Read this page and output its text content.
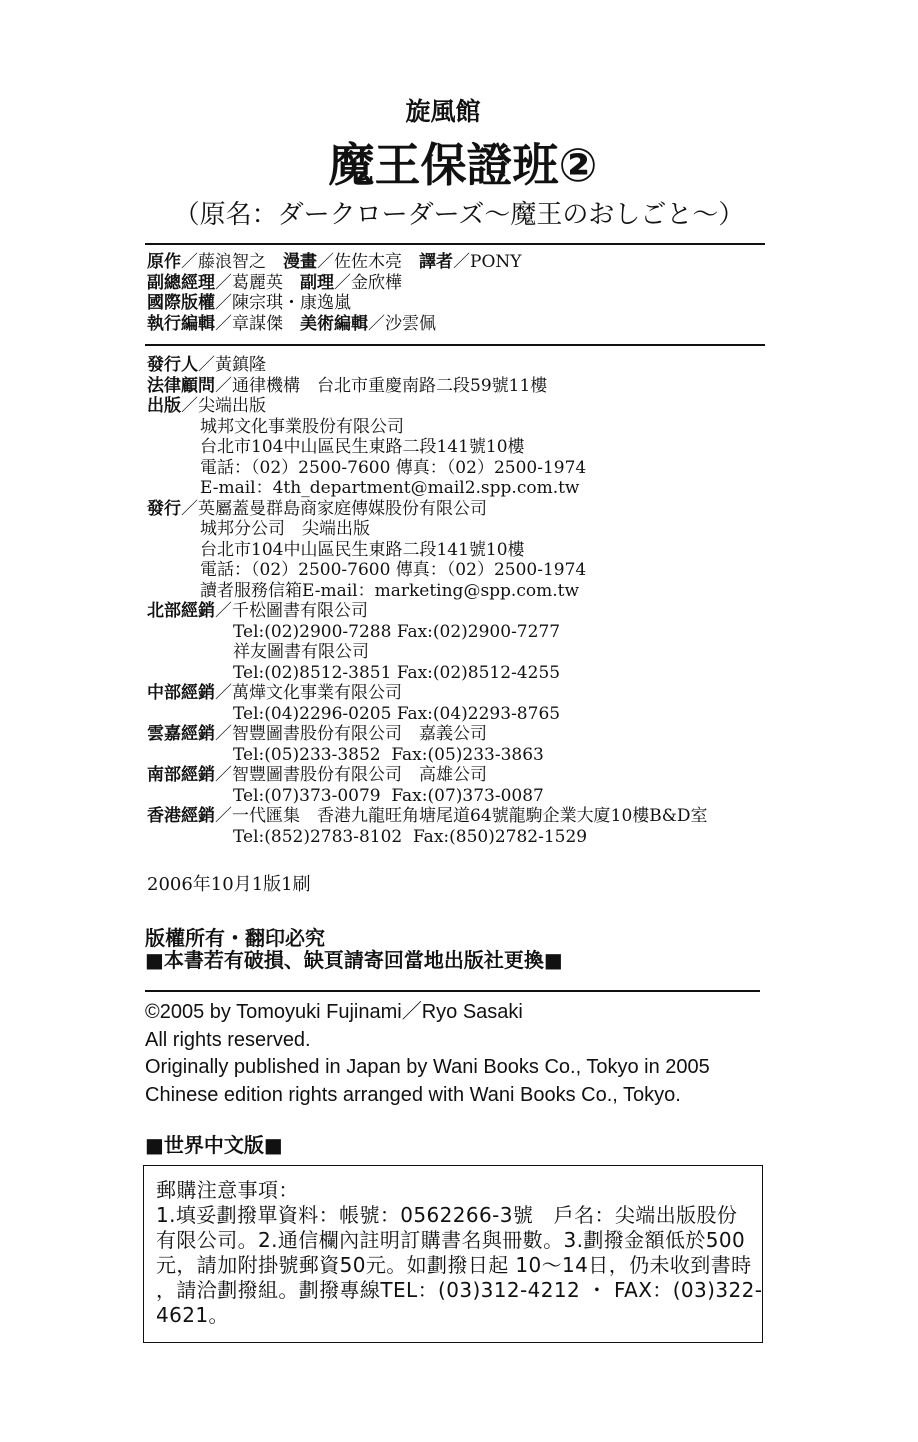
旋風館
魔王保證班②
（原名：ダークローダーズ～魔王のおしごと～）
原作 ／藤浪智之 漫畫 ／佐佐木亮 譯者 ／PONY
副總經理 ／葛麗英 副理 ／金欣樺
國際版權 ／陳宗琪・康逸嵐
執行編輯 ／章謀傑 美術編輯 ／沙雲佩
發行人 ／黃鎮隆
法律顧問 ／通律機構　台北市重慶南路二段59號11樓
出版 ／尖端出版
城邦文化事業股份有限公司
台北市104中山區民生東路二段141號10樓
電話：（02）2500-7600 傳真：（02）2500-1974
E-mail：4th_department@mail2.spp.com.tw
發行 ／英屬蓋曼群島商家庭傳媒股份有限公司
城邦分公司　尖端出版
台北市104中山區民生東路二段141號10樓
電話：（02）2500-7600 傳真：（02）2500-1974
讀者服務信箱E-mail：marketing@spp.com.tw
北部經銷 ／千松圖書有限公司
Tel:(02)2900-7288 Fax:(02)2900-7277
祥友圖書有限公司
Tel:(02)8512-3851 Fax:(02)8512-4255
中部經銷 ／萬燁文化事業有限公司
Tel:(04)2296-0205 Fax:(04)2293-8765
雲嘉經銷 ／智豐圖書股份有限公司　嘉義公司
Tel:(05)233-3852  Fax:(05)233-3863
南部經銷 ／智豐圖書股份有限公司　高雄公司
Tel:(07)373-0079  Fax:(07)373-0087
香港經銷 ／一代匯集　香港九龍旺角塘尾道64號龍駒企業大廈10樓B&D室
Tel:(852)2783-8102  Fax:(850)2782-1529
2006年10月1版1刷
版權所有・翻印必究
■本書若有破損、缺頁請寄回當地出版社更換■
©2005 by Tomoyuki Fujinami／Ryo Sasaki
All rights reserved.
Originally published in Japan by Wani Books Co., Tokyo in 2005
Chinese edition rights arranged with Wani Books Co., Tokyo.
■世界中文版■
郵購注意事項：
1.填妥劃撥單資料：帳號：0562266-3號　戶名：尖端出版股份
有限公司。2.通信欄內註明訂購書名與冊數。3.劃撥金額低於500
元，請加附掛號郵資50元。如劃撥日起 10～14日，仍未收到書時
，請洽劃撥組。劃撥專線TEL：(03)312-4212 ・ FAX：(03)322-
4621。
